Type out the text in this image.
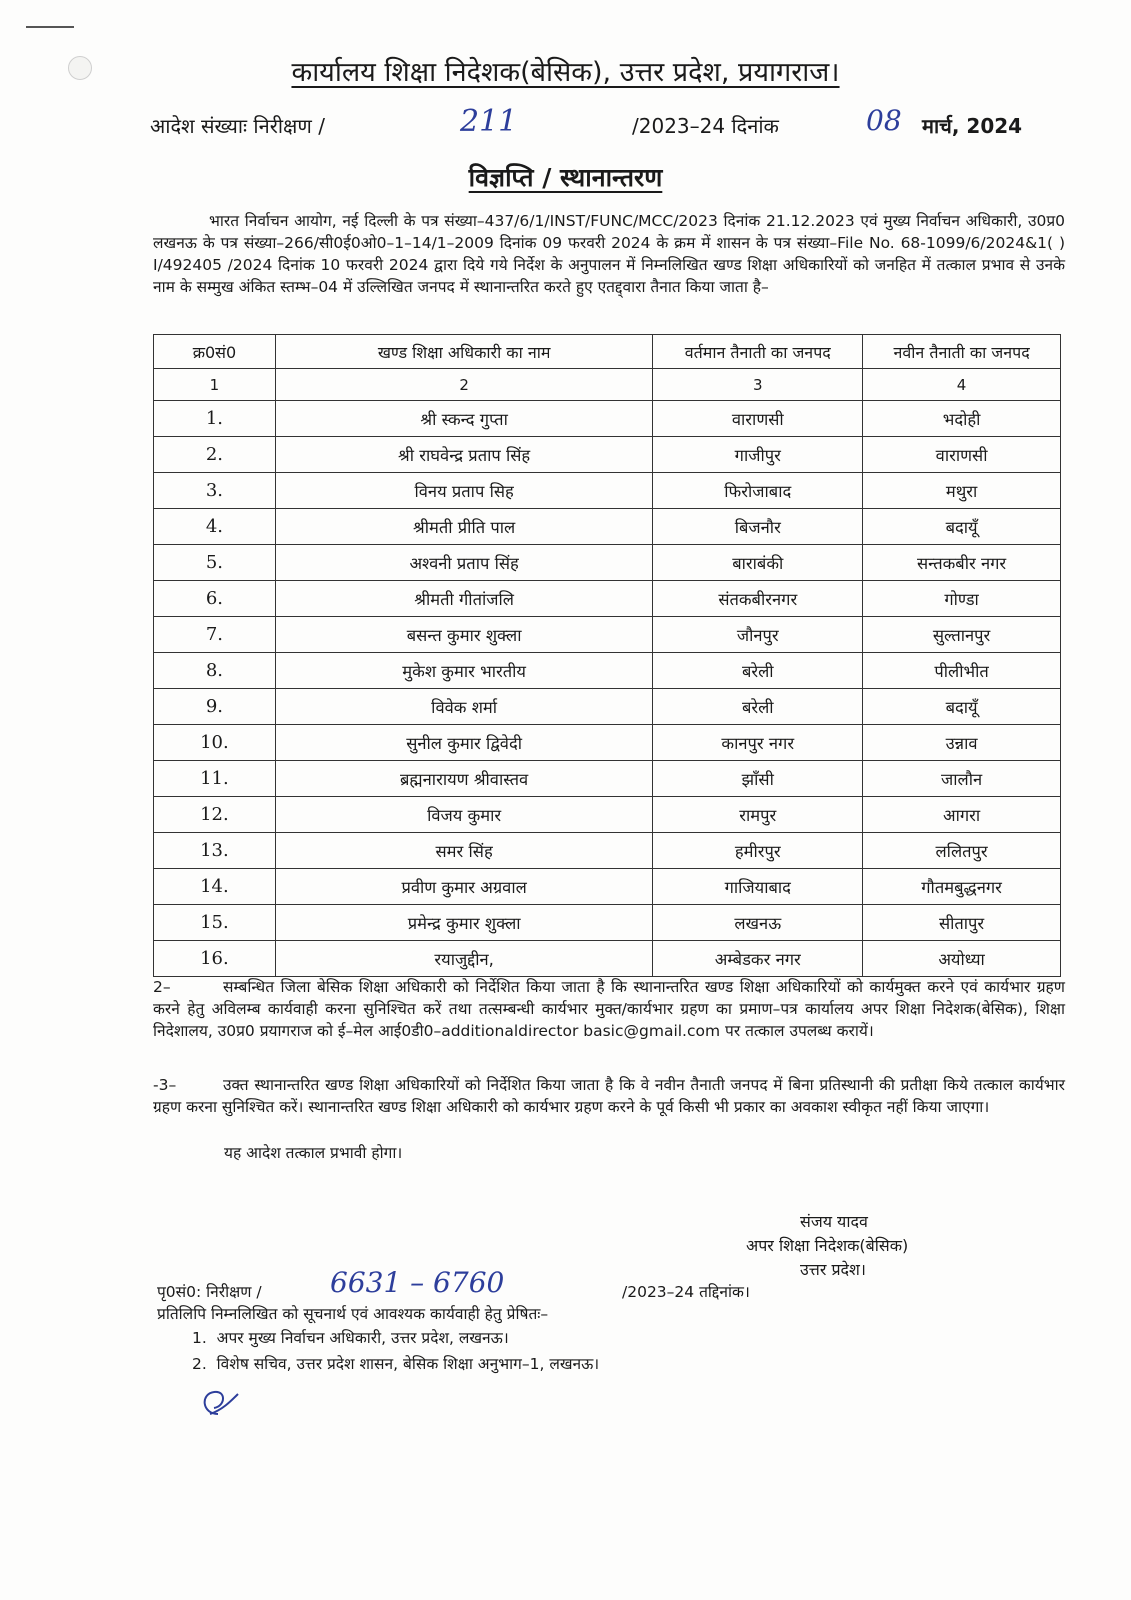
कार्यालय शिक्षा निदेशक(बेसिक), उत्तर प्रदेश, प्रयागराज।
आदेश संख्याः निरीक्षण /	211	/2023–24 दिनांक	08 मार्च, 2024
विज्ञप्ति / स्थानान्तरण
भारत निर्वाचन आयोग, नई दिल्ली के पत्र संख्या–437/6/1/INST/FUNC/MCC/2023 दिनांक 21.12.2023 एवं मुख्य निर्वाचन अधिकारी, उ0प्र0 लखनऊ के पत्र संख्या–266/सी0ई0ओ0–1–14/1–2009 दिनांक 09 फरवरी 2024 के क्रम में शासन के पत्र संख्या–File No. 68-1099/6/2024&1( ) I/492405 /2024 दिनांक 10 फरवरी 2024 द्वारा दिये गये निर्देश के अनुपालन में निम्नलिखित खण्ड शिक्षा अधिकारियों को जनहित में तत्काल प्रभाव से उनके नाम के सम्मुख अंकित स्तम्भ–04 में उल्लिखित जनपद में स्थानान्तरित करते हुए एतद्द्वारा तैनात किया जाता है–
क्र0सं0	खण्ड शिक्षा अधिकारी का नाम	वर्तमान तैनाती का जनपद	नवीन तैनाती का जनपद
1	2	3	4
1.	श्री स्कन्द गुप्ता	वाराणसी	भदोही
2.	श्री राघवेन्द्र प्रताप सिंह	गाजीपुर	वाराणसी
3.	विनय प्रताप सिह	फिरोजाबाद	मथुरा
4.	श्रीमती प्रीति पाल	बिजनौर	बदायूँ
5.	अश्वनी प्रताप सिंह	बाराबंकी	सन्तकबीर नगर
6.	श्रीमती गीतांजलि	संतकबीरनगर	गोण्डा
7.	बसन्त कुमार शुक्ला	जौनपुर	सुल्तानपुर
8.	मुकेश कुमार भारतीय	बरेली	पीलीभीत
9.	विवेक शर्मा	बरेली	बदायूँ
10.	सुनील कुमार द्विवेदी	कानपुर नगर	उन्नाव
11.	ब्रह्मनारायण श्रीवास्तव	झाँसी	जालौन
12.	विजय कुमार	रामपुर	आगरा
13.	समर सिंह	हमीरपुर	ललितपुर
14.	प्रवीण कुमार अग्रवाल	गाजियाबाद	गौतमबुद्धनगर
15.	प्रमेन्द्र कुमार शुक्ला	लखनऊ	सीतापुर
16.	रयाजुद्दीन,	अम्बेडकर नगर	अयोध्या
2–	सम्बन्धित जिला बेसिक शिक्षा अधिकारी को निर्देशित किया जाता है कि स्थानान्तरित खण्ड शिक्षा अधिकारियों को कार्यमुक्त करने एवं कार्यभार ग्रहण करने हेतु अविलम्ब कार्यवाही करना सुनिश्चित करें तथा तत्सम्बन्धी कार्यभार मुक्त/कार्यभार ग्रहण का प्रमाण–पत्र कार्यालय अपर शिक्षा निदेशक(बेसिक), शिक्षा निदेशालय, उ0प्र0 प्रयागराज को ई–मेल आई0डी0–additionaldirector basic@gmail.com पर तत्काल उपलब्ध करायें।
-3–	उक्त स्थानान्तरित खण्ड शिक्षा अधिकारियों को निर्देशित किया जाता है कि वे नवीन तैनाती जनपद में बिना प्रतिस्थानी की प्रतीक्षा किये तत्काल कार्यभार ग्रहण करना सुनिश्चित करें। स्थानान्तरित खण्ड शिक्षा अधिकारी को कार्यभार ग्रहण करने के पूर्व किसी भी प्रकार का अवकाश स्वीकृत नहीं किया जाएगा।
यह आदेश तत्काल प्रभावी होगा।
संजय यादव
अपर शिक्षा निदेशक(बेसिक)
उत्तर प्रदेश।
पृ0सं0: निरीक्षण / 6631 – 6760	/2023–24 तद्दिनांक।
प्रतिलिपि निम्नलिखित को सूचनार्थ एवं आवश्यक कार्यवाही हेतु प्रेषितः–
1.  अपर मुख्य निर्वाचन अधिकारी, उत्तर प्रदेश, लखनऊ।
2.  विशेष सचिव, उत्तर प्रदेश शासन, बेसिक शिक्षा अनुभाग–1, लखनऊ।
